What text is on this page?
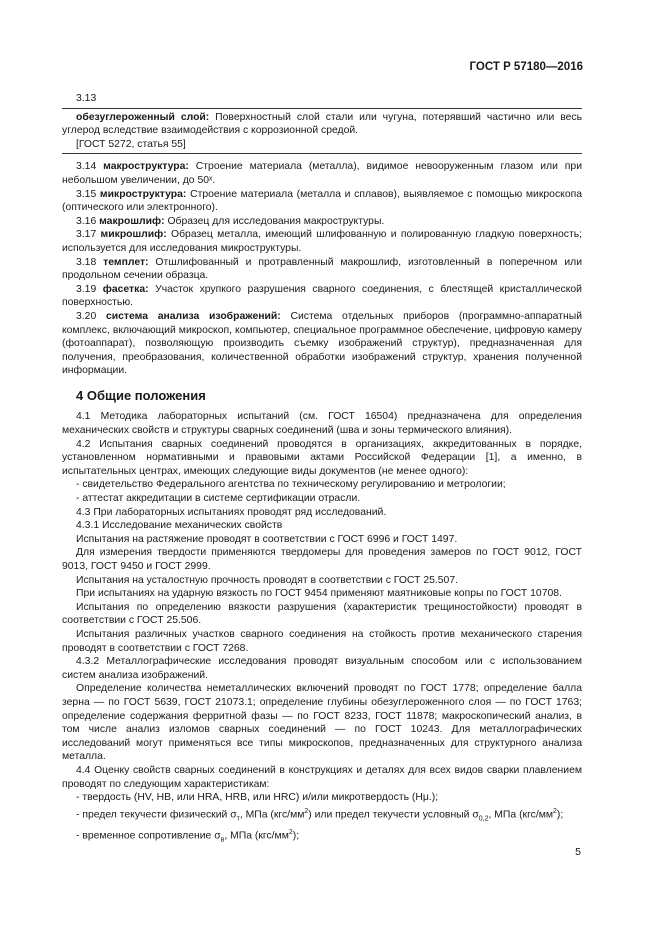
ГОСТ Р 57180—2016

3.13

обезуглероженный слой: Поверхностный слой стали или чугуна, потерявший частично или весь углерод вследствие взаимодействия с коррозионной средой.

[ГОСТ 5272, статья 55]

3.14 макроструктура: Строение материала (металла), видимое невооруженным глазом или при небольшом увеличении, до 50ˣ.

3.15 микроструктура: Строение материала (металла и сплавов), выявляемое с помощью микроскопа (оптического или электронного).

3.16 макрошлиф: Образец для исследования макроструктуры.

3.17 микрошлиф: Образец металла, имеющий шлифованную и полированную гладкую поверхность; используется для исследования микроструктуры.

3.18 темплет: Отшлифованный и протравленный макрошлиф, изготовленный в поперечном или продольном сечении образца.

3.19 фасетка: Участок хрупкого разрушения сварного соединения, с блестящей кристаллической поверхностью.

3.20 система анализа изображений: Система отдельных приборов (программно-аппаратный комплекс, включающий микроскоп, компьютер, специальное программное обеспечение, цифровую камеру (фотоаппарат), позволяющую производить съемку изображений структур), предназначенная для получения, преобразования, количественной обработки изображений структур, хранения полученной информации.

4 Общие положения

4.1 Методика лабораторных испытаний (см. ГОСТ 16504) предназначена для определения механических свойств и структуры сварных соединений (шва и зоны термического влияния).

4.2 Испытания сварных соединений проводятся в организациях, аккредитованных в порядке, установленном нормативными и правовыми актами Российской Федерации [1], а именно, в испытательных центрах, имеющих следующие виды документов (не менее одного):

- свидетельство Федерального агентства по техническому регулированию и метрологии;

- аттестат аккредитации в системе сертификации отрасли.

4.3 При лабораторных испытаниях проводят ряд исследований.

4.3.1 Исследование механических свойств

Испытания на растяжение проводят в соответствии с ГОСТ 6996 и ГОСТ 1497.

Для измерения твердости применяются твердомеры для проведения замеров по ГОСТ 9012, ГОСТ 9013, ГОСТ 9450 и ГОСТ 2999.

Испытания на усталостную прочность проводят в соответствии с ГОСТ 25.507.

При испытаниях на ударную вязкость по ГОСТ 9454 применяют маятниковые копры по ГОСТ 10708.

Испытания по определению вязкости разрушения (характеристик трещиностойкости) проводят в соответствии с ГОСТ 25.506.

Испытания различных участков сварного соединения на стойкость против механического старения проводят в соответствии с ГОСТ 7268.

4.3.2 Металлографические исследования проводят визуальным способом или с использованием систем анализа изображений.

Определение количества неметаллических включений проводят по ГОСТ 1778; определение балла зерна — по ГОСТ 5639, ГОСТ 21073.1; определение глубины обезуглероженного слоя — по ГОСТ 1763; определение содержания ферритной фазы — по ГОСТ 8233, ГОСТ 11878; макроскопический анализ, в том числе анализ изломов сварных соединений — по ГОСТ 10243. Для металлографических исследований могут применяться все типы микроскопов, предназначенных для структурного анализа металла.

4.4 Оценку свойств сварных соединений в конструкциях и деталях для всех видов сварки плавлением проводят по следующим характеристикам:

- твердость (HV, HB, или HRA, HRB, или HRC) и/или микротвердость (Hμ.);

- предел текучести физический $\sigma_т$, МПа $(кгс/мм^2)$ или предел текучести условный $\sigma_{0,2}$, МПа $(кгс/мм^2)$;

- временное сопротивление $\sigma_в$, МПа $(кгс/мм^2)$;

5
